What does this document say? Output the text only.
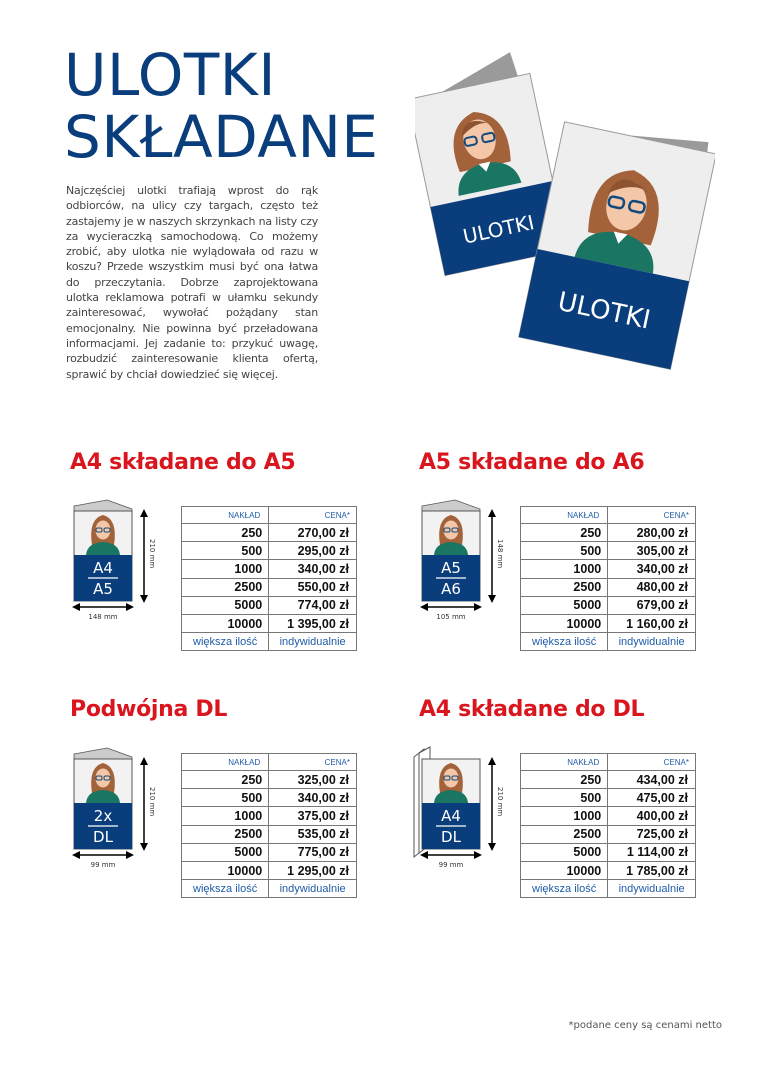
ULOTKI
SKŁADANE

Najczęściej ulotki trafiają wprost do rąk odbiorców, na ulicy czy targach, często też zastajemy je w naszych skrzynkach na listy czy za wycieraczką samochodową. Co możemy zrobić, aby ulotka nie wylądowała od razu w koszu? Przede wszystkim musi być ona łatwa do przeczytania. Dobrze zaprojektowana ulotka reklamowa potrafi w ułamku sekundy zainteresować, wywołać pożądany stan emocjonalny. Nie powinna być przeładowana informacjami. Jej zadanie to: przykuć uwagę, rozbudzić zainteresowanie klienta ofertą, sprawić by chciał dowiedzieć się więcej.

ULOTKI
ULOTKI
A4 składane do A5
A4
A5
210 mm
148 mm
NAKŁAD	CENA*
250	270,00 zł
500	295,00 zł
1000	340,00 zł
2500	550,00 zł
5000	774,00 zł
10000	1 395,00 zł
większa ilość	indywidualnie
A5 składane do A6
A5
A6
148 mm
105 mm
NAKŁAD	CENA*
250	280,00 zł
500	305,00 zł
1000	340,00 zł
2500	480,00 zł
5000	679,00 zł
10000	1 160,00 zł
większa ilość	indywidualnie
Podwójna DL
2x
DL
210 mm
99 mm
NAKŁAD	CENA*
250	325,00 zł
500	340,00 zł
1000	375,00 zł
2500	535,00 zł
5000	775,00 zł
10000	1 295,00 zł
większa ilość	indywidualnie
A4 składane do DL
A4
DL
210 mm
99 mm
NAKŁAD	CENA*
250	434,00 zł
500	475,00 zł
1000	400,00 zł
2500	725,00 zł
5000	1 114,00 zł
10000	1 785,00 zł
większa ilość	indywidualnie
*podane ceny są cenami netto
